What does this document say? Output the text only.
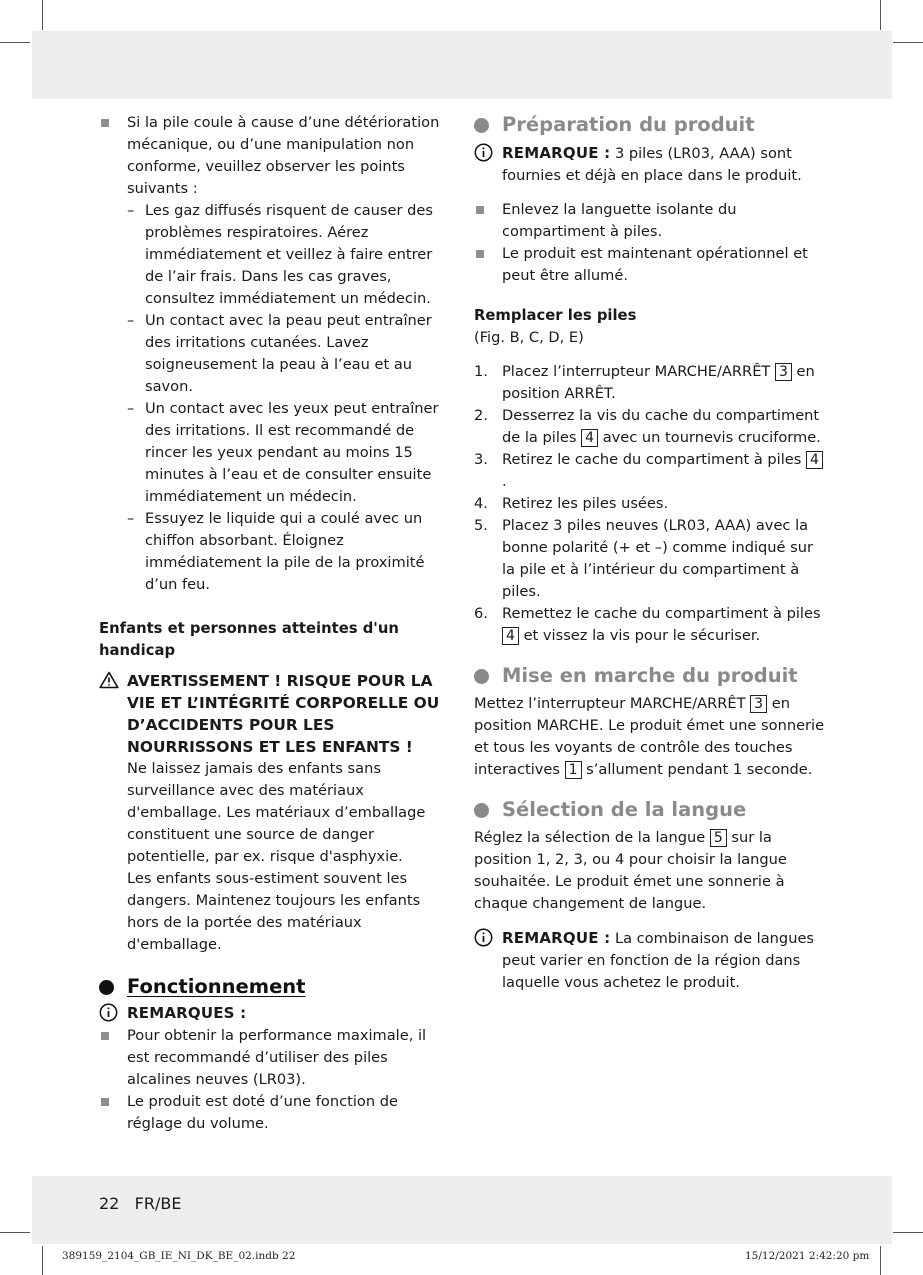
Si la pile coule à cause d’une détérioration mécanique, ou d’une manipulation non conforme, veuillez observer les points suivants :
– Les gaz diffusés risquent de causer des problèmes respiratoires. Aérez immédiatement et veillez à faire entrer de l’air frais. Dans les cas graves, consultez immédiatement un médecin.
– Un contact avec la peau peut entraîner des irritations cutanées. Lavez soigneusement la peau à l’eau et au savon.
– Un contact avec les yeux peut entraîner des irritations. Il est recommandé de rincer les yeux pendant au moins 15 minutes à l’eau et de consulter ensuite immédiatement un médecin.
– Essuyez le liquide qui a coulé avec un chiffon absorbant. Éloignez immédiatement la pile de la proximité d’un feu.
Enfants et personnes atteintes d'un handicap
AVERTISSEMENT ! RISQUE POUR LA VIE ET L’INTÉGRITÉ CORPORELLE OU D’ACCIDENTS POUR LES NOURRISSONS ET LES ENFANTS !
Ne laissez jamais des enfants sans surveillance avec des matériaux d'emballage. Les matériaux d’emballage constituent une source de danger potentielle, par ex. risque d'asphyxie.
Les enfants sous-estiment souvent les dangers. Maintenez toujours les enfants hors de la portée des matériaux d'emballage.
Fonctionnement
REMARQUES :
Pour obtenir la performance maximale, il est recommandé d’utiliser des piles alcalines neuves (LR03).
Le produit est doté d’une fonction de réglage du volume.
Préparation du produit
REMARQUE : 3 piles (LR03, AAA) sont fournies et déjà en place dans le produit.
Enlevez la languette isolante du compartiment à piles.
Le produit est maintenant opérationnel et peut être allumé.
Remplacer les piles
(Fig. B, C, D, E)
1. Placez l’interrupteur MARCHE/ARRÊT 3 en position ARRÊT.
2. Desserrez la vis du cache du compartiment de la piles 4 avec un tournevis cruciforme.
3. Retirez le cache du compartiment à piles 4.
4. Retirez les piles usées.
5. Placez 3 piles neuves (LR03, AAA) avec la bonne polarité (+ et –) comme indiqué sur la pile et à l’intérieur du compartiment à piles.
6. Remettez le cache du compartiment à piles 4 et vissez la vis pour le sécuriser.
Mise en marche du produit
Mettez l’interrupteur MARCHE/ARRÊT 3 en position MARCHE. Le produit émet une sonnerie et tous les voyants de contrôle des touches interactives 1 s’allument pendant 1 seconde.
Sélection de la langue
Réglez la sélection de la langue 5 sur la position 1, 2, 3, ou 4 pour choisir la langue souhaitée. Le produit émet une sonnerie à chaque changement de langue.
REMARQUE : La combinaison de langues peut varier en fonction de la région dans laquelle vous achetez le produit.
22 FR/BE
389159_2104_GB_IE_NI_DK_BE_02.indb 22	15/12/2021 2:42:20 pm
